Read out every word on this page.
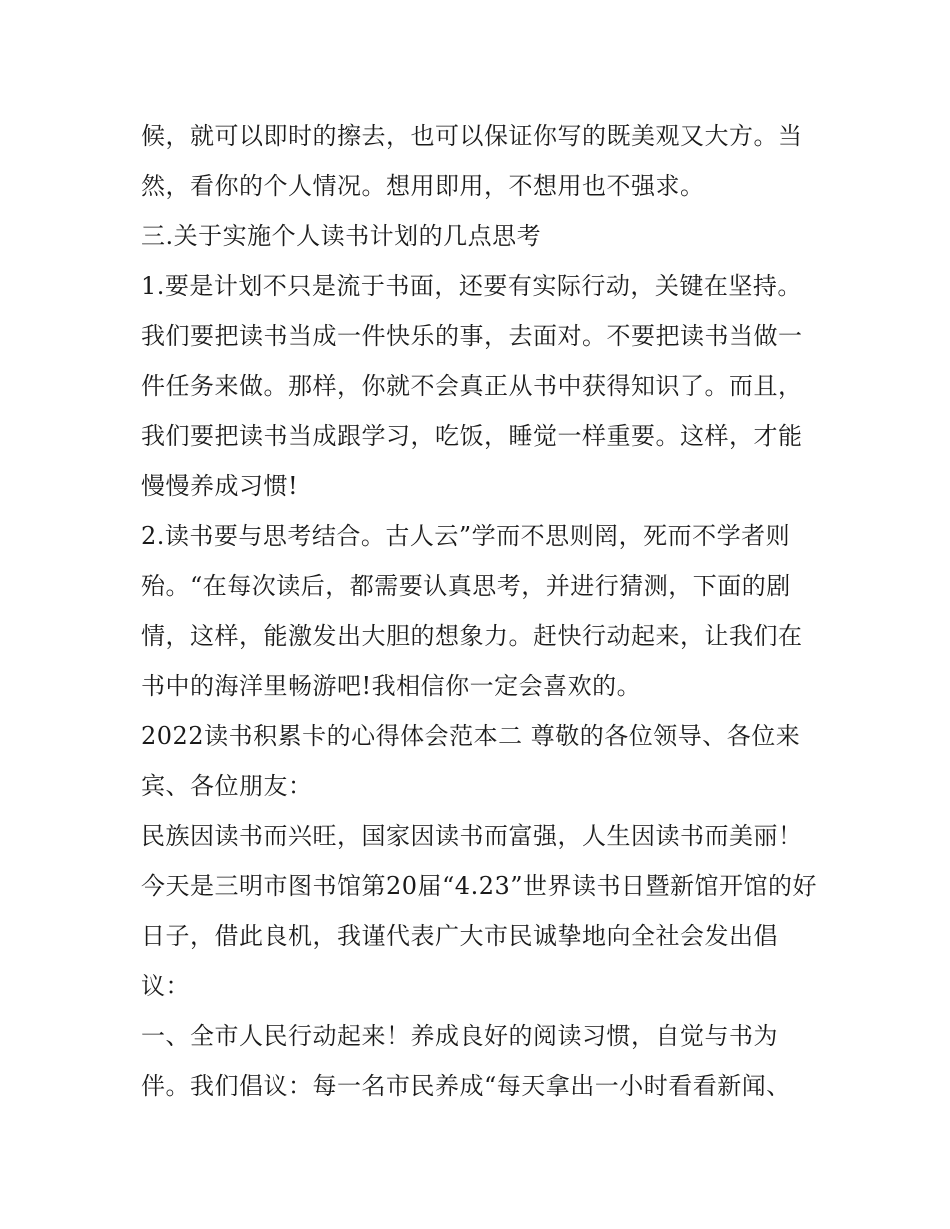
候，就可以即时的擦去，也可以保证你写的既美观又大方。当
然，看你的个人情况。想用即用，不想用也不强求。
三.关于实施个人读书计划的几点思考
1.要是计划不只是流于书面，还要有实际行动，关键在坚持。
我们要把读书当成一件快乐的事，去面对。不要把读书当做一
件任务来做。那样，你就不会真正从书中获得知识了。而且，
我们要把读书当成跟学习，吃饭，睡觉一样重要。这样，才能
慢慢养成习惯!
2.读书要与思考结合。古人云”学而不思则罔，死而不学者则
殆。“在每次读后，都需要认真思考，并进行猜测，下面的剧
情，这样，能激发出大胆的想象力。赶快行动起来，让我们在
书中的海洋里畅游吧!我相信你一定会喜欢的。
2022读书积累卡的心得体会范本二 尊敬的各位领导、各位来
宾、各位朋友：
民族因读书而兴旺，国家因读书而富强，人生因读书而美丽！
今天是三明市图书馆第20届“4.23”世界读书日暨新馆开馆的好
日子，借此良机，我谨代表广大市民诚挚地向全社会发出倡
议：
一、全市人民行动起来！养成良好的阅读习惯，自觉与书为
伴。我们倡议：每一名市民养成“每天拿出一小时看看新闻、
